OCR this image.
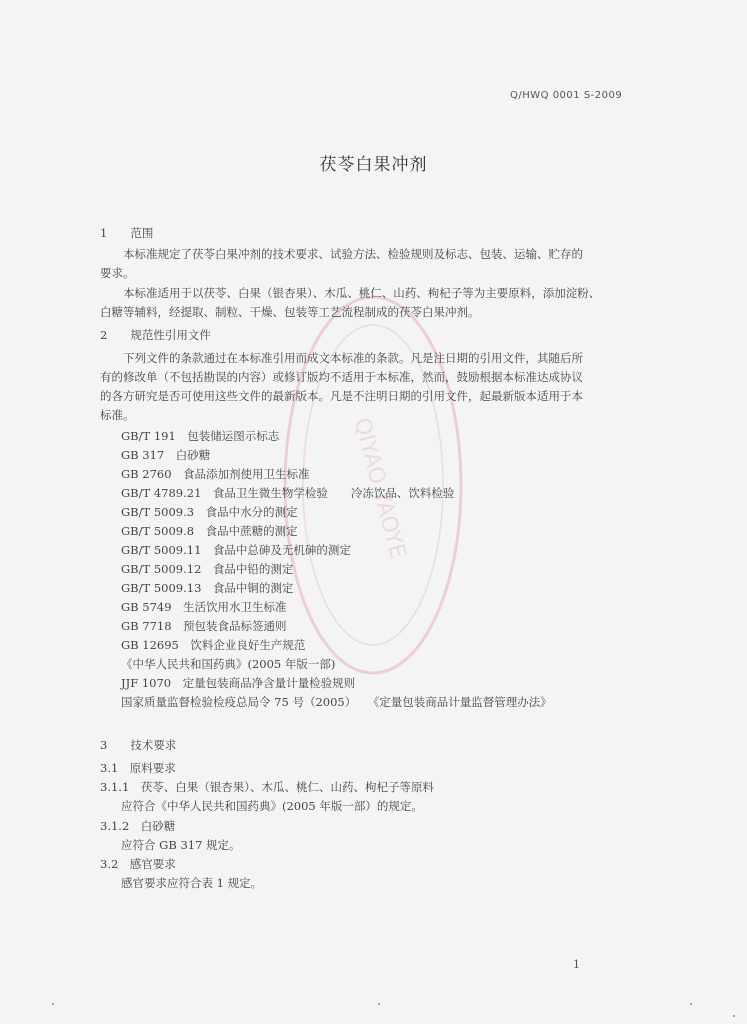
QIYAO YAOYE
Q/HWQ 0001 S-2009
茯苓白果冲剂
1　　范围
　　本标准规定了茯苓白果冲剂的技术要求、试验方法、检验规则及标志、包装、运输、贮存的
要求。
　　本标准适用于以茯苓、白果（银杏果）、木瓜、桃仁、山药、枸杞子等为主要原料，添加淀粉、
白糖等辅料，经提取、制粒、干燥、包装等工艺流程制成的茯苓白果冲剂。
2　　规范性引用文件
　　下列文件的条款通过在本标准引用而成文本标准的条款。凡是注日期的引用文件，其随后所
有的修改单（不包括勘误的内容）或修订版均不适用于本标准，然而，鼓励根据本标准达成协议
的各方研究是否可使用这些文件的最新版本。凡是不注明日期的引用文件，起最新版本适用于本
标准。
GB/T 191　包装储运图示标志
GB 317　白砂糖
GB 2760　食品添加剂使用卫生标准
GB/T 4789.21　食品卫生微生物学检验　　冷冻饮品、饮料检验
GB/T 5009.3　食品中水分的测定
GB/T 5009.8　食品中蔗糖的测定
GB/T 5009.11　食品中总砷及无机砷的测定
GB/T 5009.12　食品中铅的测定
GB/T 5009.13　食品中铜的测定
GB 5749　生活饮用水卫生标准
GB 7718　预包装食品标签通则
GB 12695　饮料企业良好生产规范
《中华人民共和国药典》(2005 年版一部)
JJF 1070　定量包装商品净含量计量检验规则
国家质量监督检验检疫总局令 75 号（2005）　　《定量包装商品计量监督管理办法》
3　　技术要求
3.1　原料要求
3.1.1　茯苓、白果（银杏果）、木瓜、桃仁、山药、枸杞子等原料
应符合《中华人民共和国药典》(2005 年版一部）的规定。
3.1.2　白砂糖
应符合 GB 317 规定。
3.2　感官要求
感官要求应符合表 1 规定。
1
